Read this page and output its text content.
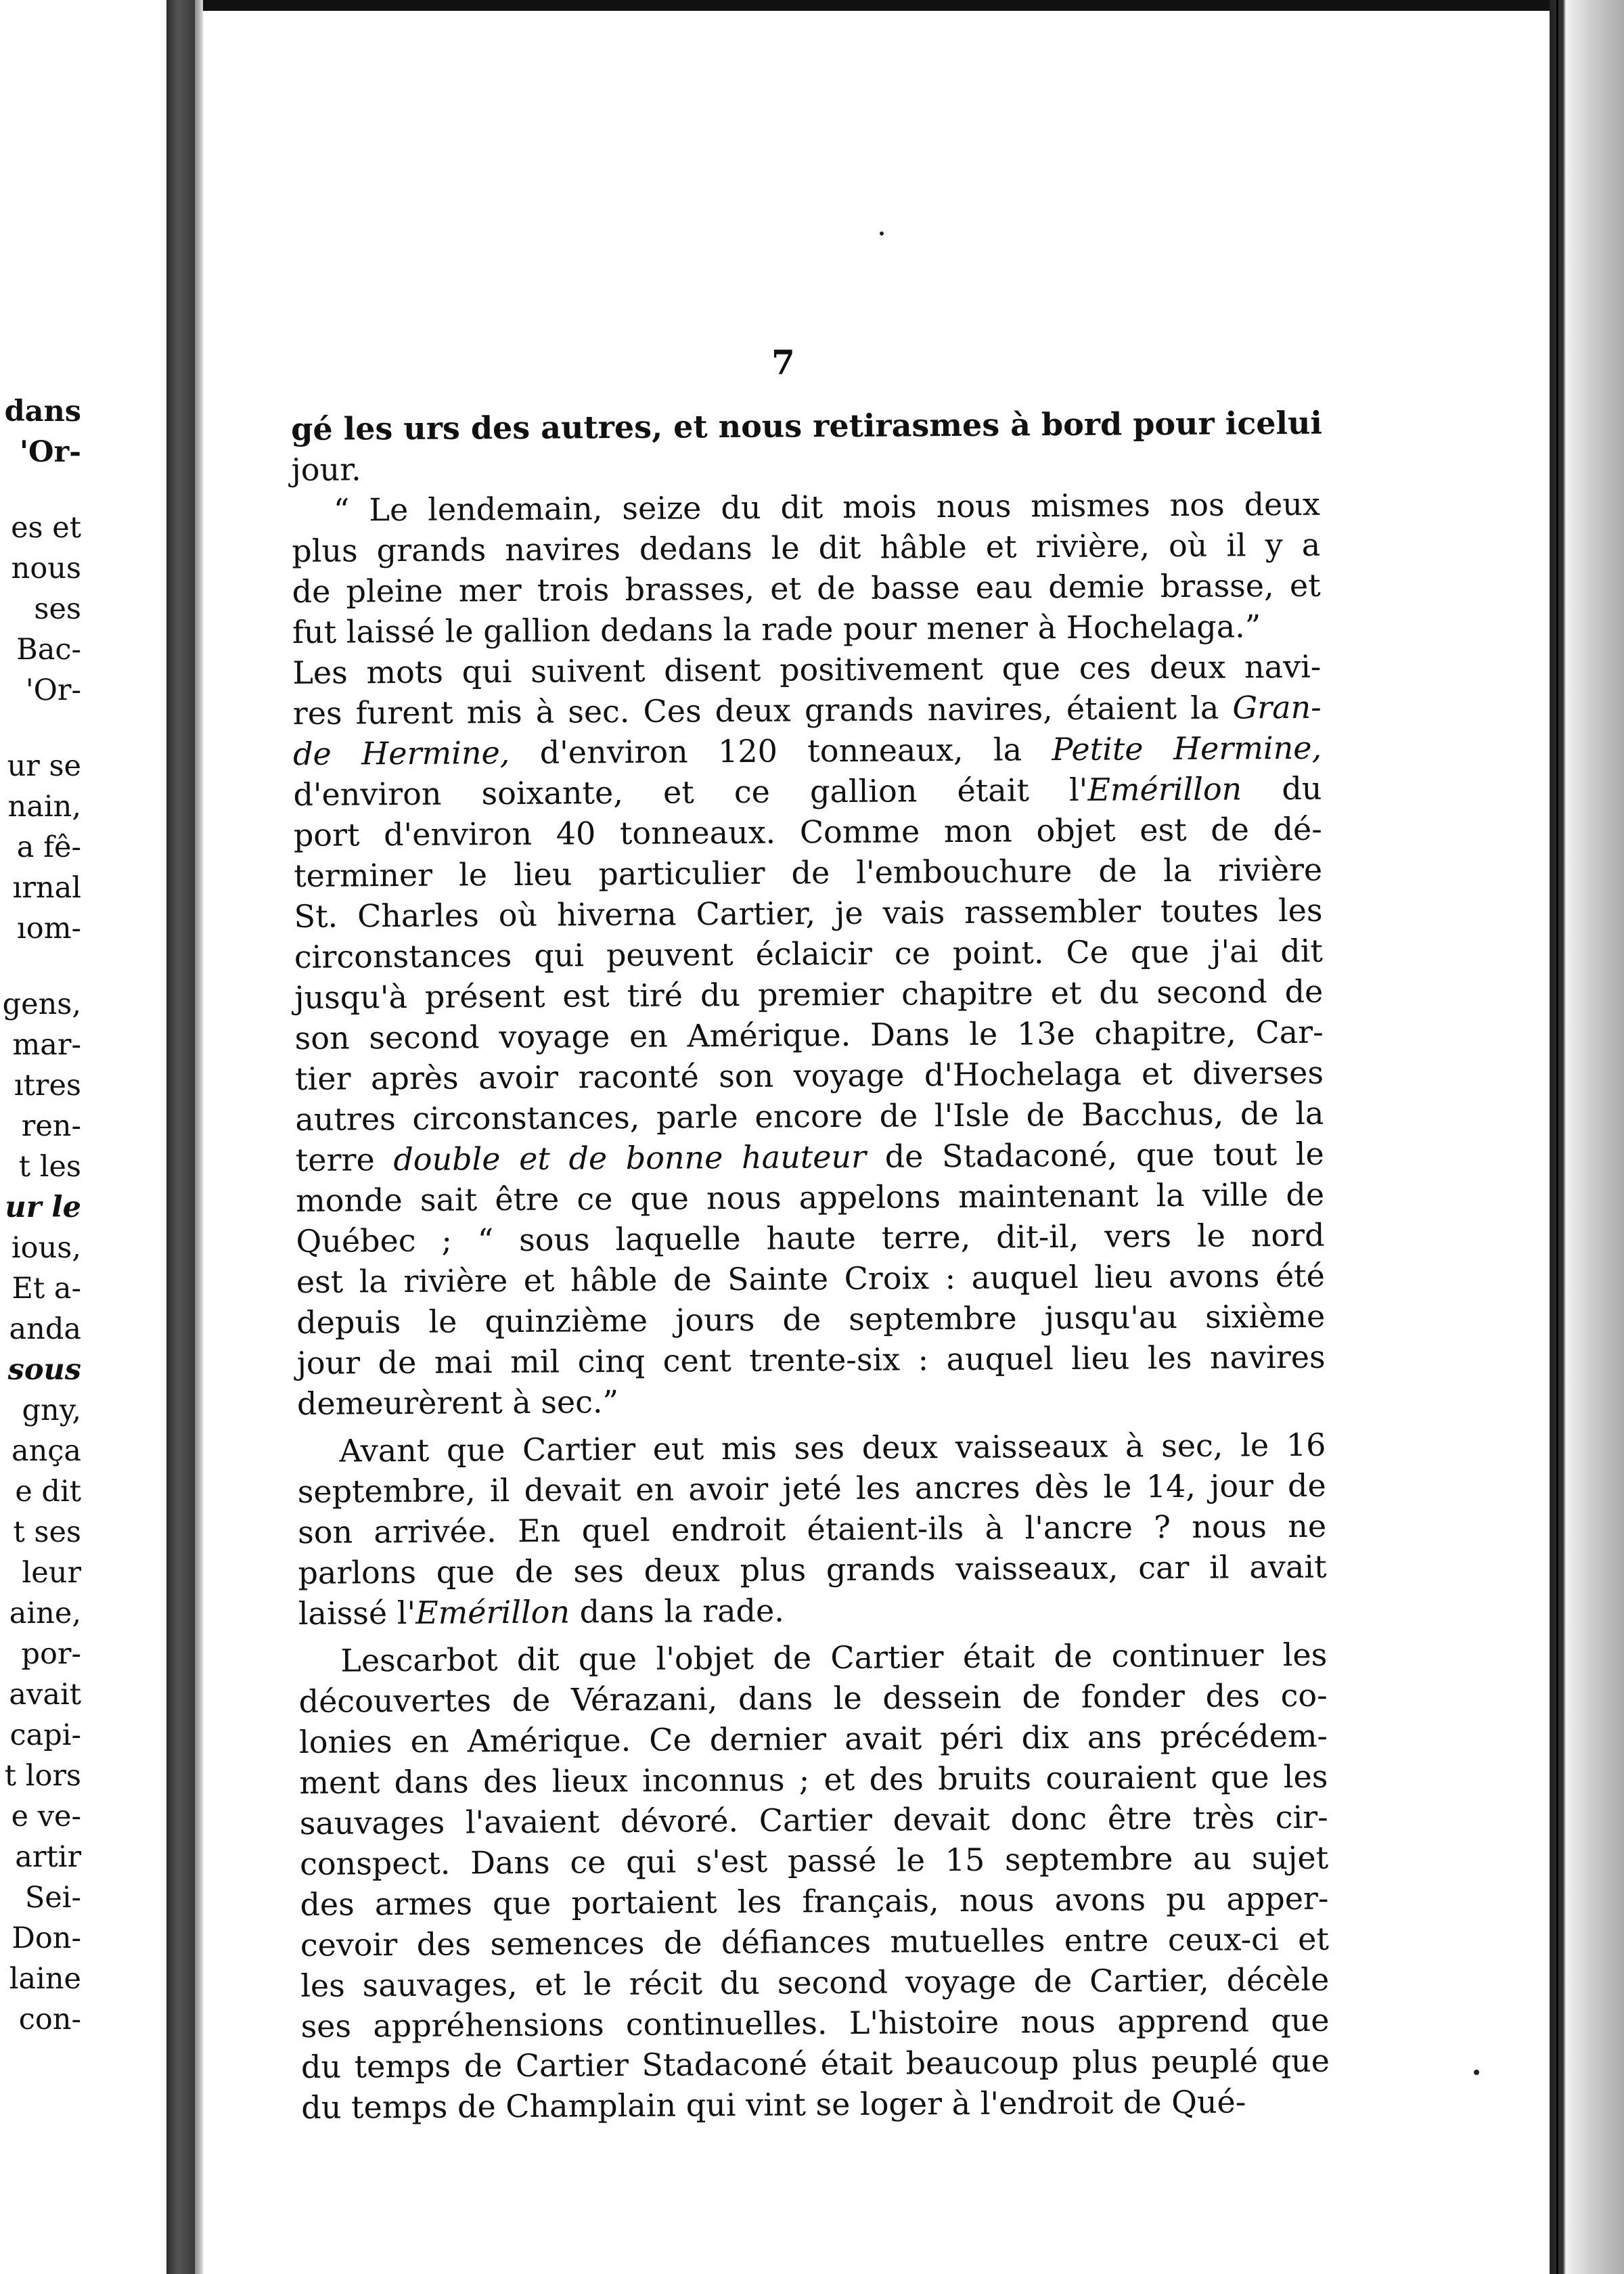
dans
'Or-
es et
nous
ses
Bac-
'Or-
ur se
nain,
a fê-
ırnal
ıom-
gens,
mar-
ıtres
ren-
t les
ur le
ious,
Et a-
anda
sous
gny,
ança
e dit
t ses
leur
aine,
por-
avait
capi-
t lors
e ve-
artir
Sei-
Don-
laine
con-
7
gé les urs des autres, et nous retirasmes à bord pour icelui
jour.
“ Le lendemain, seize du dit mois nous mismes nos deux
plus grands navires dedans le dit hâble et rivière, où il y a
de pleine mer trois brasses, et de basse eau demie brasse, et
fut laissé le gallion dedans la rade pour mener à Hochelaga.”
Les mots qui suivent disent positivement que ces deux navi-
res furent mis à sec. Ces deux grands navires, étaient la Gran-
de Hermine, d'environ 120 tonneaux, la Petite Hermine,
d'environ soixante, et ce gallion était l'Emérillon du
port d'environ 40 tonneaux. Comme mon objet est de dé-
terminer le lieu particulier de l'embouchure de la rivière
St. Charles où hiverna Cartier, je vais rassembler toutes les
circonstances qui peuvent éclaicir ce point. Ce que j'ai dit
jusqu'à présent est tiré du premier chapitre et du second de
son second voyage en Amérique. Dans le 13e chapitre, Car-
tier après avoir raconté son voyage d'Hochelaga et diverses
autres circonstances, parle encore de l'Isle de Bacchus, de la
terre double et de bonne hauteur de Stadaconé, que tout le
monde sait être ce que nous appelons maintenant la ville de
Québec ; “ sous laquelle haute terre, dit-il, vers le nord
est la rivière et hâble de Sainte Croix : auquel lieu avons été
depuis le quinzième jours de septembre jusqu'au sixième
jour de mai mil cinq cent trente-six : auquel lieu les navires
demeurèrent à sec.”
Avant que Cartier eut mis ses deux vaisseaux à sec, le 16
septembre, il devait en avoir jeté les ancres dès le 14, jour de
son arrivée. En quel endroit étaient-ils à l'ancre ? nous ne
parlons que de ses deux plus grands vaisseaux, car il avait
laissé l'Emérillon dans la rade.
Lescarbot dit que l'objet de Cartier était de continuer les
découvertes de Vérazani, dans le dessein de fonder des co-
lonies en Amérique. Ce dernier avait péri dix ans précédem-
ment dans des lieux inconnus ; et des bruits couraient que les
sauvages l'avaient dévoré. Cartier devait donc être très cir-
conspect. Dans ce qui s'est passé le 15 septembre au sujet
des armes que portaient les français, nous avons pu apper-
cevoir des semences de défiances mutuelles entre ceux-ci et
les sauvages, et le récit du second voyage de Cartier, décèle
ses appréhensions continuelles. L'histoire nous apprend que
du temps de Cartier Stadaconé était beaucoup plus peuplé que
du temps de Champlain qui vint se loger à l'endroit de Qué-
